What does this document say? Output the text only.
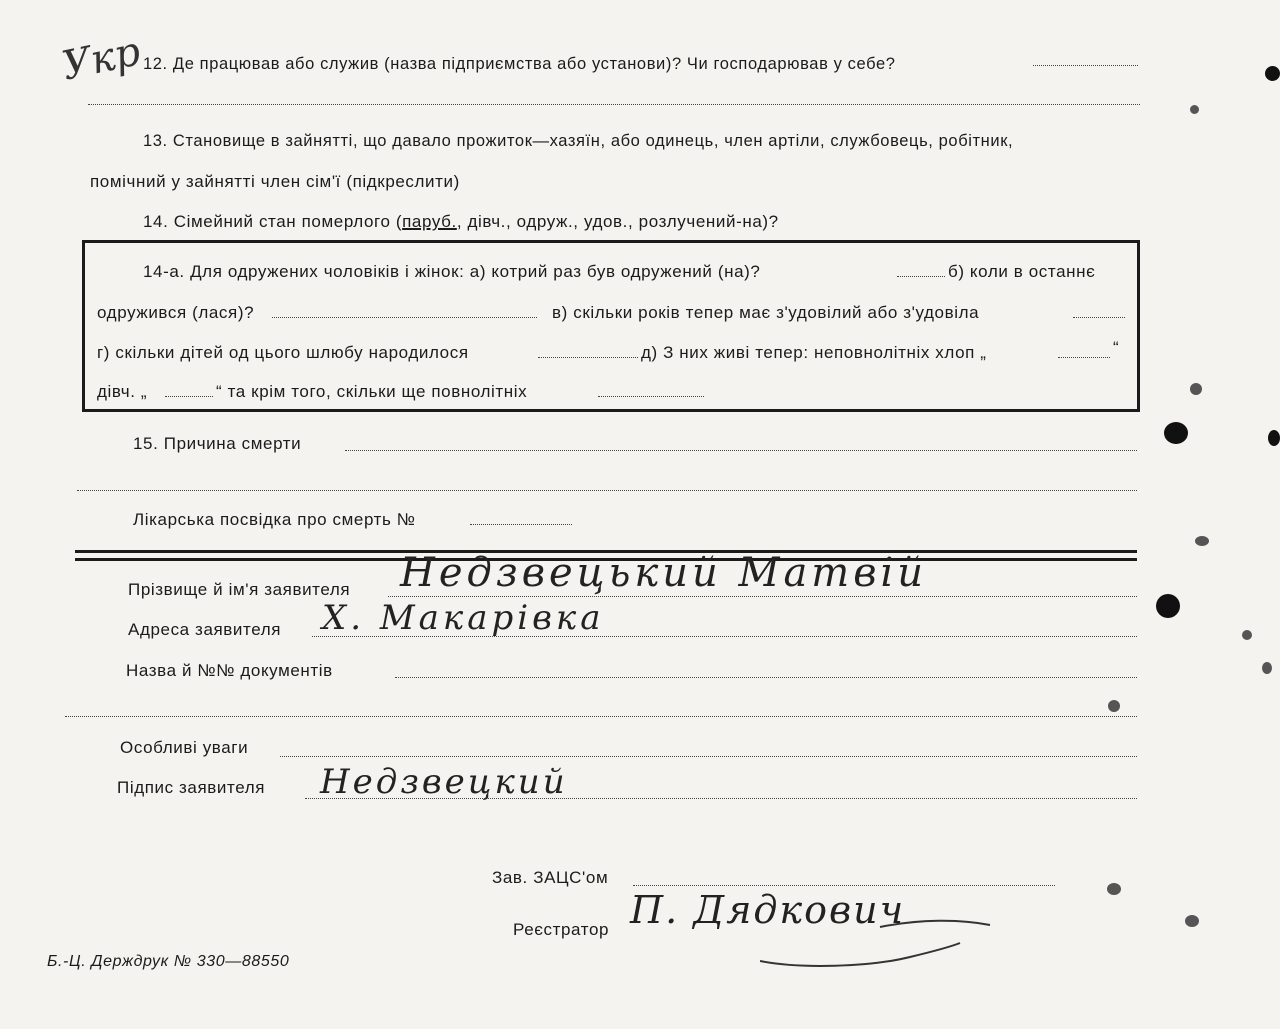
Укр
12. Де працював або служив (назва підприємства або установи)? Чи господарював у себе?
13. Становище в зайнятті, що давало прожиток—хазяїн, або одинець, член артіли, службовець, робітник,
помічний у зайнятті член сім'ї (підкреслити)
14. Сімейний стан померлого (паруб., дівч., одруж., удов., розлучений-на)?
14-а. Для одружених чоловіків і жінок: а) котрий раз був одружений (на)?	б) коли в останнє
одружився (лася)?	в) скільки років тепер має з'удовілий або з'удовіла
г) скільки дітей од цього шлюбу народилося	д) З них живі тепер: неповнолітніх хлоп „	“
дівч. „	“ та крім того, скільки ще повнолітніх
15. Причина смерти
Лікарська посвідка про смерть №
Прізвище й ім'я заявителя Недзвецький Матвій
Адреса заявителя Х. Макарівка
Назва й №№ документів
Особливі уваги
Підпис заявителя Недзвецкий
Зав. ЗАЦС'ом
Реєстратор П. Дядкович
Б.-Ц. Держдрук № 330—88550
